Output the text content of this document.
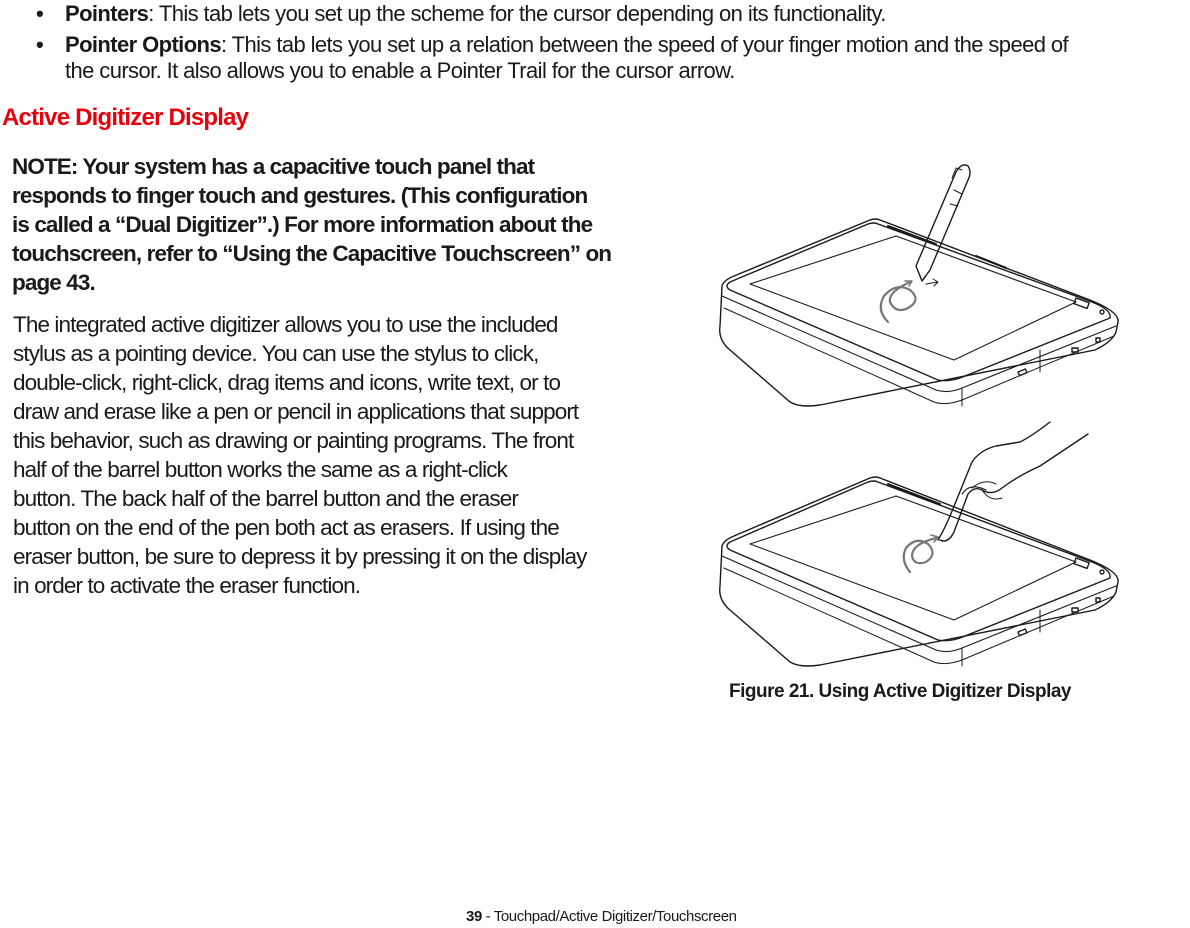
• Pointers: This tab lets you set up the scheme for the cursor depending on its functionality.
• Pointer Options: This tab lets you set up a relation between the speed of your finger motion and the speed of
the cursor. It also allows you to enable a Pointer Trail for the cursor arrow.
Active Digitizer Display
NOTE: Your system has a capacitive touch panel that
responds to finger touch and gestures. (This configuration
is called a “Dual Digitizer”.) For more information about the
touchscreen, refer to “Using the Capacitive Touchscreen” on
page 43.
The integrated active digitizer allows you to use the included
stylus as a pointing device. You can use the stylus to click,
double-click, right-click, drag items and icons, write text, or to
draw and erase like a pen or pencil in applications that support
this behavior, such as drawing or painting programs. The front
half of the barrel button works the same as a right-click
button. The back half of the barrel button and the eraser
button on the end of the pen both act as erasers. If using the
eraser button, be sure to depress it by pressing it on the display
in order to activate the eraser function.
Figure 21. Using Active Digitizer Display
39 - Touchpad/Active Digitizer/Touchscreen
